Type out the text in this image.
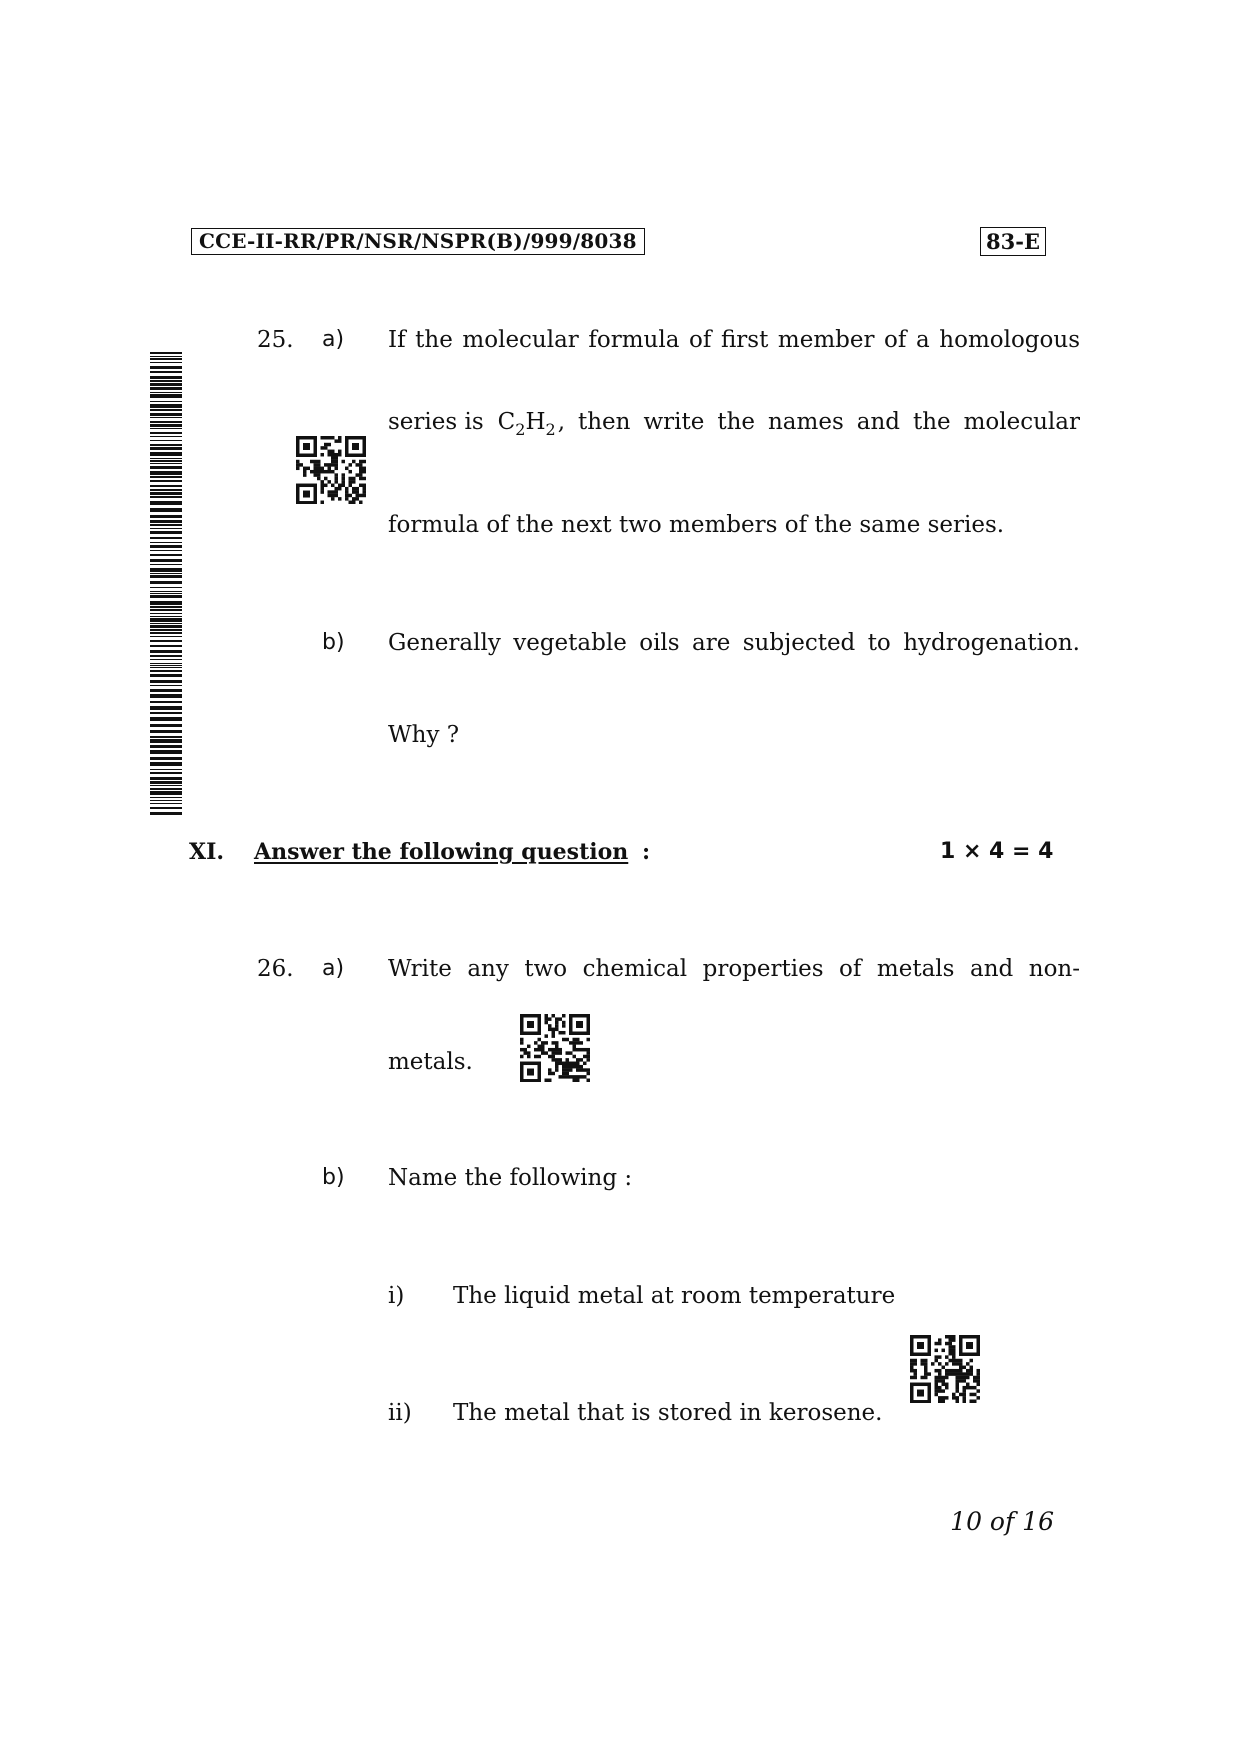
CCE-II-RR/PR/NSR/NSPR(B)/999/8038	83-E
25. a) If the molecular formula of first member of a homologous
series is $C_2H_2$ , then write the names and the molecular
formula of the next two members of the same series.
b) Generally vegetable oils are subjected to hydrogenation.
Why ?
XI. Answer the following question :	1 × 4 = 4
26. a) Write any two chemical properties of metals and non-
metals.
b) Name the following :
i) The liquid metal at room temperature
ii) The metal that is stored in kerosene.
10 of 16
